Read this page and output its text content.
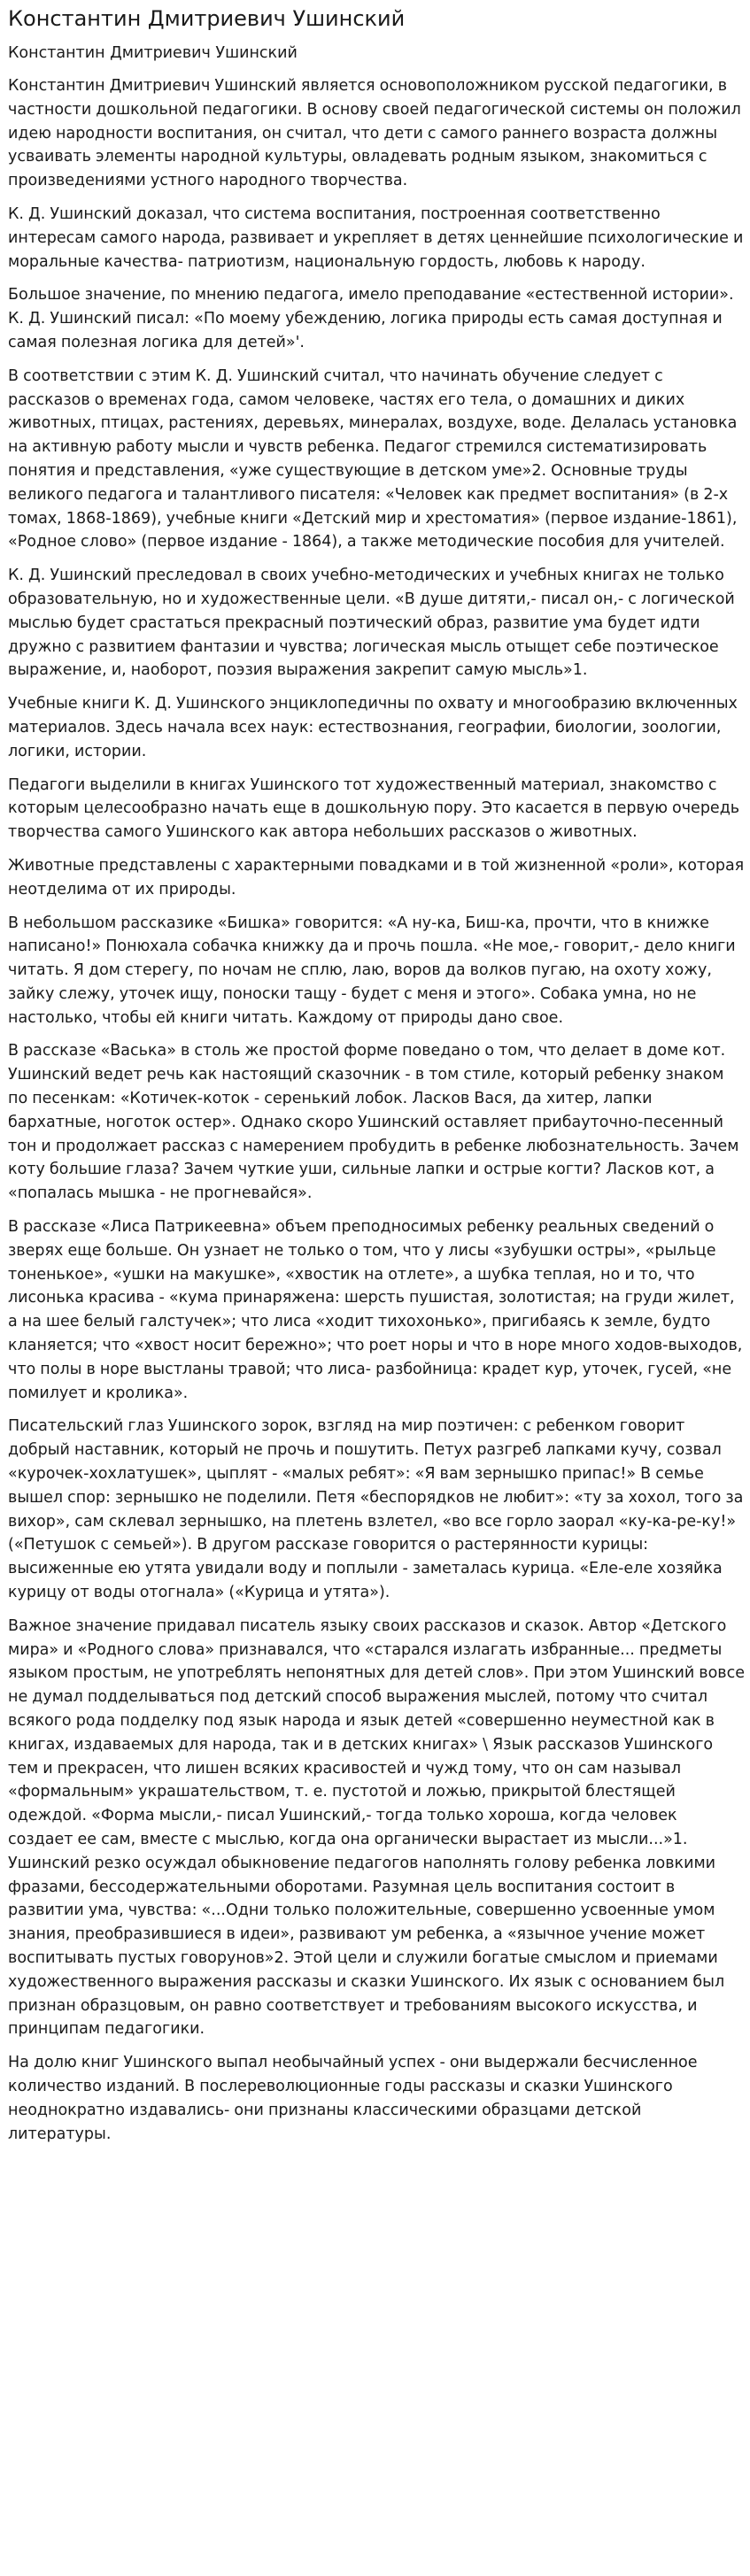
Константин Дмитриевич Ушинский
Константин Дмитриевич Ушинский

Константин Дмитриевич Ушинский является основоположником русской педагогики, в частности дошкольной педагогики. В основу своей педагогической системы он положил идею народности воспитания, он считал, что дети с самого раннего возраста должны усваивать элементы народной культуры, овладевать родным языком, знакомиться с произведениями устного народного творчества.

К. Д. Ушинский доказал, что система воспитания, построенная соответственно интересам самого народа, развивает и укрепляет в детях ценнейшие психологические и моральные качества- патриотизм, национальную гордость, любовь к народу.

Большое значение, по мнению педагога, имело преподавание «естественной истории». К. Д. Ушинский писал: «По моему убеждению, логика природы есть самая доступная и самая полезная логика для детей»'.

В соответствии с этим К. Д. Ушинский считал, что начинать обучение следует с рассказов о временах года, самом человеке, частях его тела, о домашних и диких животных, птицах, растениях, деревьях, минералах, воздухе, воде. Делалась установка на активную работу мысли и чувств ребенка. Педагог стремился систематизировать понятия и представления, «уже существующие в детском уме»2. Основные труды великого педагога и талантливого писателя: «Человек как предмет воспитания» (в 2-х томах, 1868-1869), учебные книги «Детский мир и хрестоматия» (первое издание-1861), «Родное слово» (первое издание - 1864), а также методические пособия для учителей.

К. Д. Ушинский преследовал в своих учебно-методических и учебных книгах не только образовательную, но и художественные цели. «В душе дитяти,- писал он,- с логической мыслью будет срастаться прекрасный поэтический образ, развитие ума будет идти дружно с развитием фантазии и чувства; логическая мысль отыщет себе поэтическое выражение, и, наоборот, поэзия выражения закрепит самую мысль»1.

Учебные книги К. Д. Ушинского энциклопедичны по охвату и многообразию включенных материалов. Здесь начала всех наук: естествознания, географии, биологии, зоологии, логики, истории.

Педагоги выделили в книгах Ушинского тот художественный материал, знакомство с которым целесообразно начать еще в дошкольную пору. Это касается в первую очередь творчества самого Ушинского как автора небольших рассказов о животных.

Животные представлены с характерными повадками и в той жизненной «роли», которая неотделима от их природы.

В небольшом рассказике «Бишка» говорится: «А ну-ка, Биш-ка, прочти, что в книжке написано!» Понюхала собачка книжку да и прочь пошла. «Не мое,- говорит,- дело книги читать. Я дом стерегу, по ночам не сплю, лаю, воров да волков пугаю, на охоту хожу, зайку слежу, уточек ищу, поноски тащу - будет с меня и этого». Собака умна, но не настолько, чтобы ей книги читать. Каждому от природы дано свое.

В рассказе «Васька» в столь же простой форме поведано о том, что делает в доме кот. Ушинский ведет речь как настоящий сказочник - в том стиле, который ребенку знаком по песенкам: «Котичек-коток - серенький лобок. Ласков Вася, да хитер, лапки бархатные, ноготок остер». Однако скоро Ушинский оставляет прибауточно-песенный тон и продолжает рассказ с намерением пробудить в ребенке любознательность. Зачем коту большие глаза? Зачем чуткие уши, сильные лапки и острые когти? Ласков кот, а «попалась мышка - не прогневайся».

В рассказе «Лиса Патрикеевна» объем преподносимых ребенку реальных сведений о зверях еще больше. Он узнает не только о том, что у лисы «зубушки остры», «рыльце тоненькое», «ушки на макушке», «хвостик на отлете», а шубка теплая, но и то, что лисонька красива - «кума принаряжена: шерсть пушистая, золотистая; на груди жилет, а на шее белый галстучек»; что лиса «ходит тихохонько», пригибаясь к земле, будто кланяется; что «хвост носит бережно»; что роет норы и что в норе много ходов-выходов, что полы в норе выстланы травой; что лиса- разбойница: крадет кур, уточек, гусей, «не помилует и кролика».

Писательский глаз Ушинского зорок, взгляд на мир поэтичен: с ребенком говорит добрый наставник, который не прочь и пошутить. Петух разгреб лапками кучу, созвал «курочек-хохлатушек», цыплят - «малых ребят»: «Я вам зернышко припас!» В семье вышел спор: зернышко не поделили. Петя «беспорядков не любит»: «ту за хохол, того за вихор», сам склевал зернышко, на плетень взлетел, «во все горло заорал «ку-ка-ре-ку!» («Петушок с семьей»). В другом рассказе говорится о растерянности курицы: высиженные ею утята увидали воду и поплыли - заметалась курица. «Еле-еле хозяйка курицу от воды отогнала» («Курица и утята»).

Важное значение придавал писатель языку своих рассказов и сказок. Автор «Детского мира» и «Родного слова» признавался, что «старался излагать избранные... предметы языком простым, не употреблять непонятных для детей слов». При этом Ушинский вовсе не думал подделываться под детский способ выражения мыслей, потому что считал всякого рода подделку под язык народа и язык детей «совершенно неуместной как в книгах, издаваемых для народа, так и в детских книгах» \ Язык рассказов Ушинского тем и прекрасен, что лишен всяких красивостей и чужд тому, что он сам называл «формальным» украшательством, т. е. пустотой и ложью, прикрытой блестящей одеждой. «Форма мысли,- писал Ушинский,- тогда только хороша, когда человек создает ее сам, вместе с мыслью, когда она органически вырастает из мысли...»1. Ушинский резко осуждал обыкновение педагогов наполнять голову ребенка ловкими фразами, бессодержательными оборотами. Разумная цель воспитания состоит в развитии ума, чувства: «...Одни только положительные, совершенно усвоенные умом знания, преобразившиеся в идеи», развивают ум ребенка, а «язычное учение может воспитывать пустых говорунов»2. Этой цели и служили богатые смыслом и приемами художественного выражения рассказы и сказки Ушинского. Их язык с основанием был признан образцовым, он равно соответствует и требованиям высокого искусства, и принципам педагогики.

На долю книг Ушинского выпал необычайный успех - они выдержали бесчисленное количество изданий. В послереволюционные годы рассказы и сказки Ушинского неоднократно издавались- они признаны классическими образцами детской литературы.
